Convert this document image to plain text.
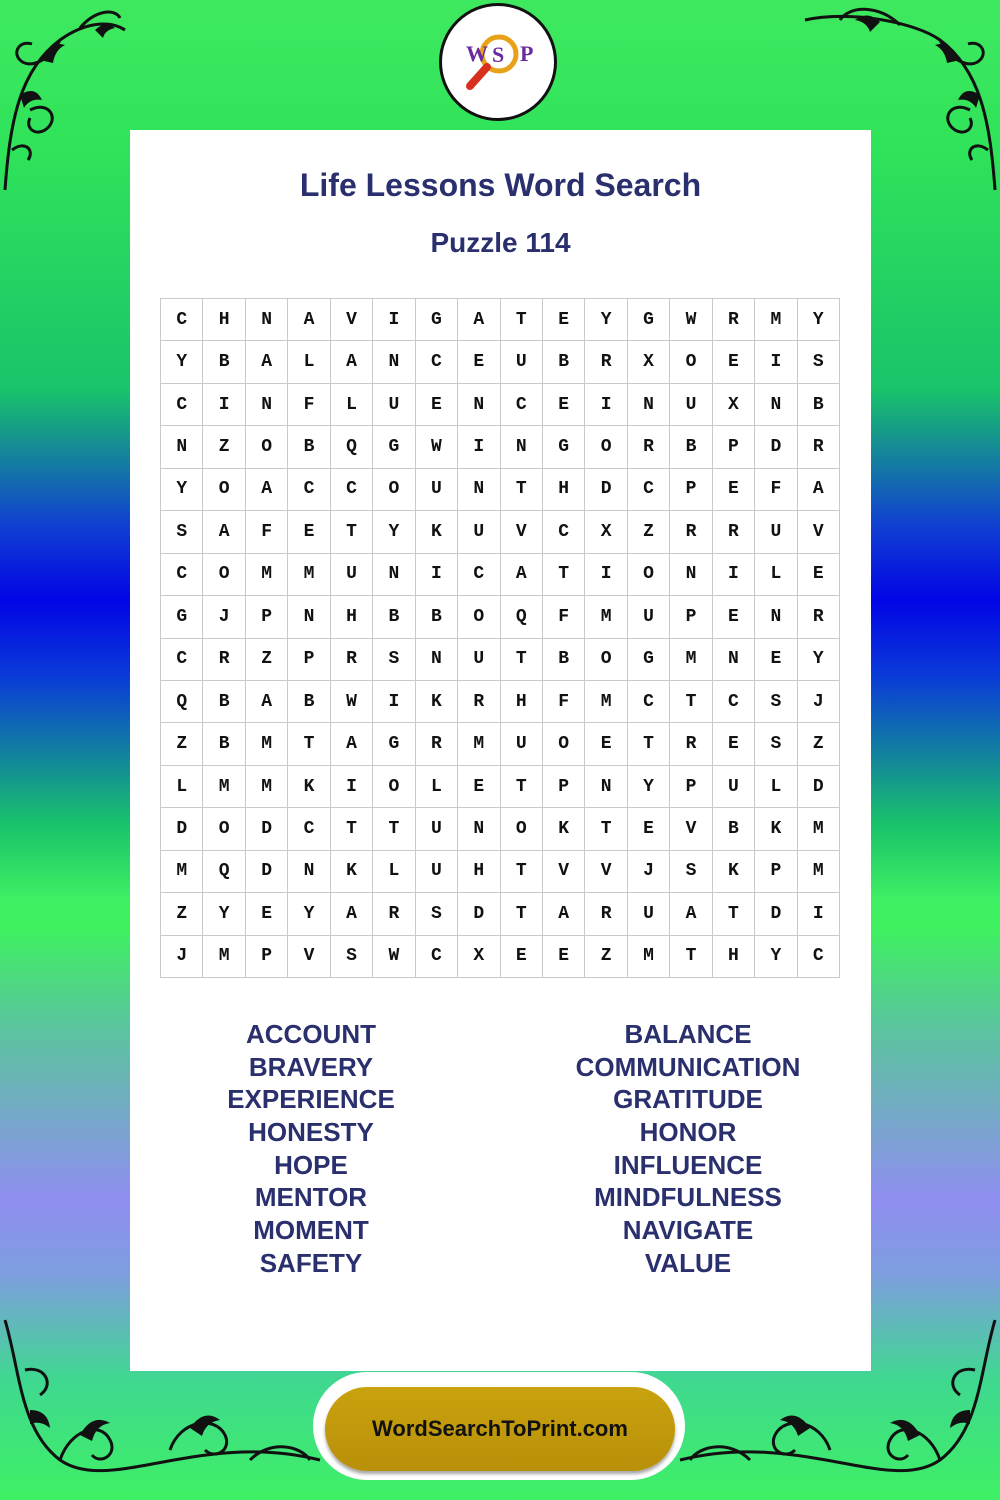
W S P
Life Lessons Word Search
Puzzle 114
C	H	N	A	V	I	G	A	T	E	Y	G	W	R	M	Y
Y	B	A	L	A	N	C	E	U	B	R	X	O	E	I	S
C	I	N	F	L	U	E	N	C	E	I	N	U	X	N	B
N	Z	O	B	Q	G	W	I	N	G	O	R	B	P	D	R
Y	O	A	C	C	O	U	N	T	H	D	C	P	E	F	A
S	A	F	E	T	Y	K	U	V	C	X	Z	R	R	U	V
C	O	M	M	U	N	I	C	A	T	I	O	N	I	L	E
G	J	P	N	H	B	B	O	Q	F	M	U	P	E	N	R
C	R	Z	P	R	S	N	U	T	B	O	G	M	N	E	Y
Q	B	A	B	W	I	K	R	H	F	M	C	T	C	S	J
Z	B	M	T	A	G	R	M	U	O	E	T	R	E	S	Z
L	M	M	K	I	O	L	E	T	P	N	Y	P	U	L	D
D	O	D	C	T	T	U	N	O	K	T	E	V	B	K	M
M	Q	D	N	K	L	U	H	T	V	V	J	S	K	P	M
Z	Y	E	Y	A	R	S	D	T	A	R	U	A	T	D	I
J	M	P	V	S	W	C	X	E	E	Z	M	T	H	Y	C
ACCOUNT
BRAVERY
EXPERIENCE
HONESTY
HOPE
MENTOR
MOMENT
SAFETY
BALANCE
COMMUNICATION
GRATITUDE
HONOR
INFLUENCE
MINDFULNESS
NAVIGATE
VALUE
WordSearchToPrint.com
